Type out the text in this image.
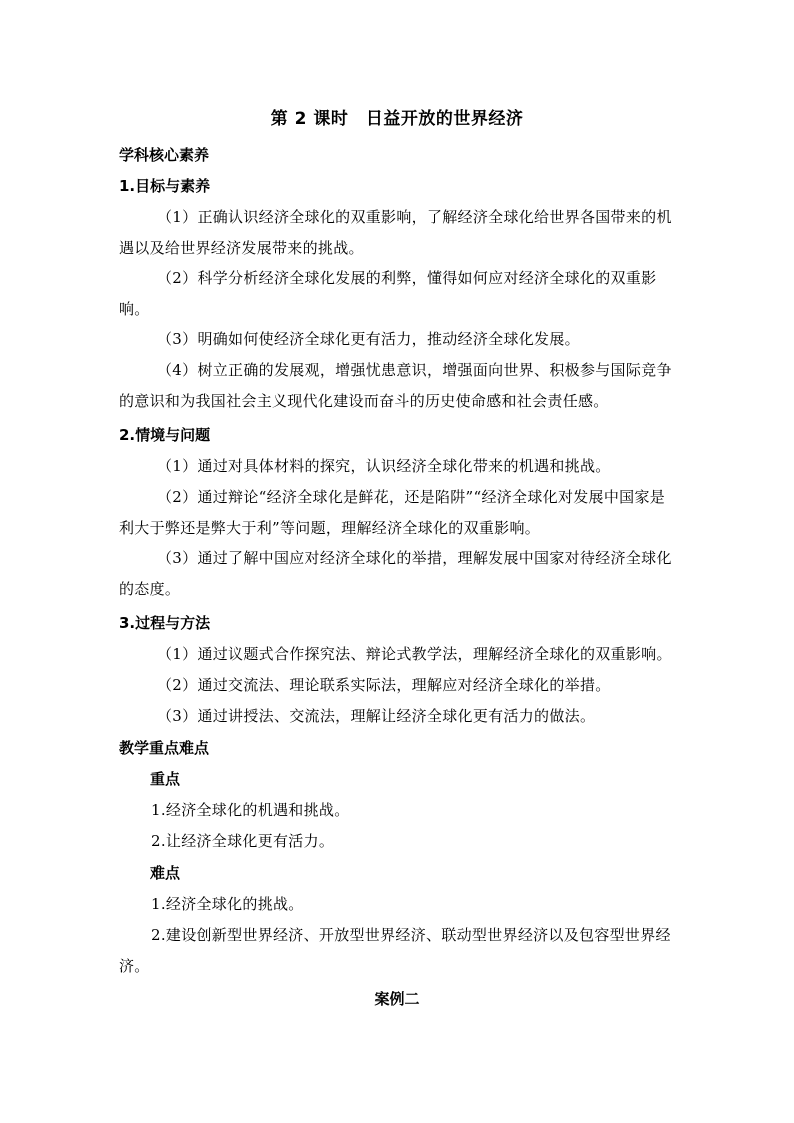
第 2 课时　日益开放的世界经济
学科核心素养
1.目标与素养
（1）正确认识经济全球化的双重影响，了解经济全球化给世界各国带来的机遇以及给世界经济发展带来的挑战。
（2）科学分析经济全球化发展的利弊，懂得如何应对经济全球化的双重影响。
（3）明确如何使经济全球化更有活力，推动经济全球化发展。
（4）树立正确的发展观，增强忧患意识，增强面向世界、积极参与国际竞争的意识和为我国社会主义现代化建设而奋斗的历史使命感和社会责任感。
2.情境与问题
（1）通过对具体材料的探究，认识经济全球化带来的机遇和挑战。
（2）通过辩论“经济全球化是鲜花，还是陷阱”“经济全球化对发展中国家是利大于弊还是弊大于利”等问题，理解经济全球化的双重影响。
（3）通过了解中国应对经济全球化的举措，理解发展中国家对待经济全球化的态度。
3.过程与方法
（1）通过议题式合作探究法、辩论式教学法，理解经济全球化的双重影响。
（2）通过交流法、理论联系实际法，理解应对经济全球化的举措。
（3）通过讲授法、交流法，理解让经济全球化更有活力的做法。
教学重点难点
重点
1.经济全球化的机遇和挑战。
2.让经济全球化更有活力。
难点
1.经济全球化的挑战。
2.建设创新型世界经济、开放型世界经济、联动型世界经济以及包容型世界经济。
案例二
